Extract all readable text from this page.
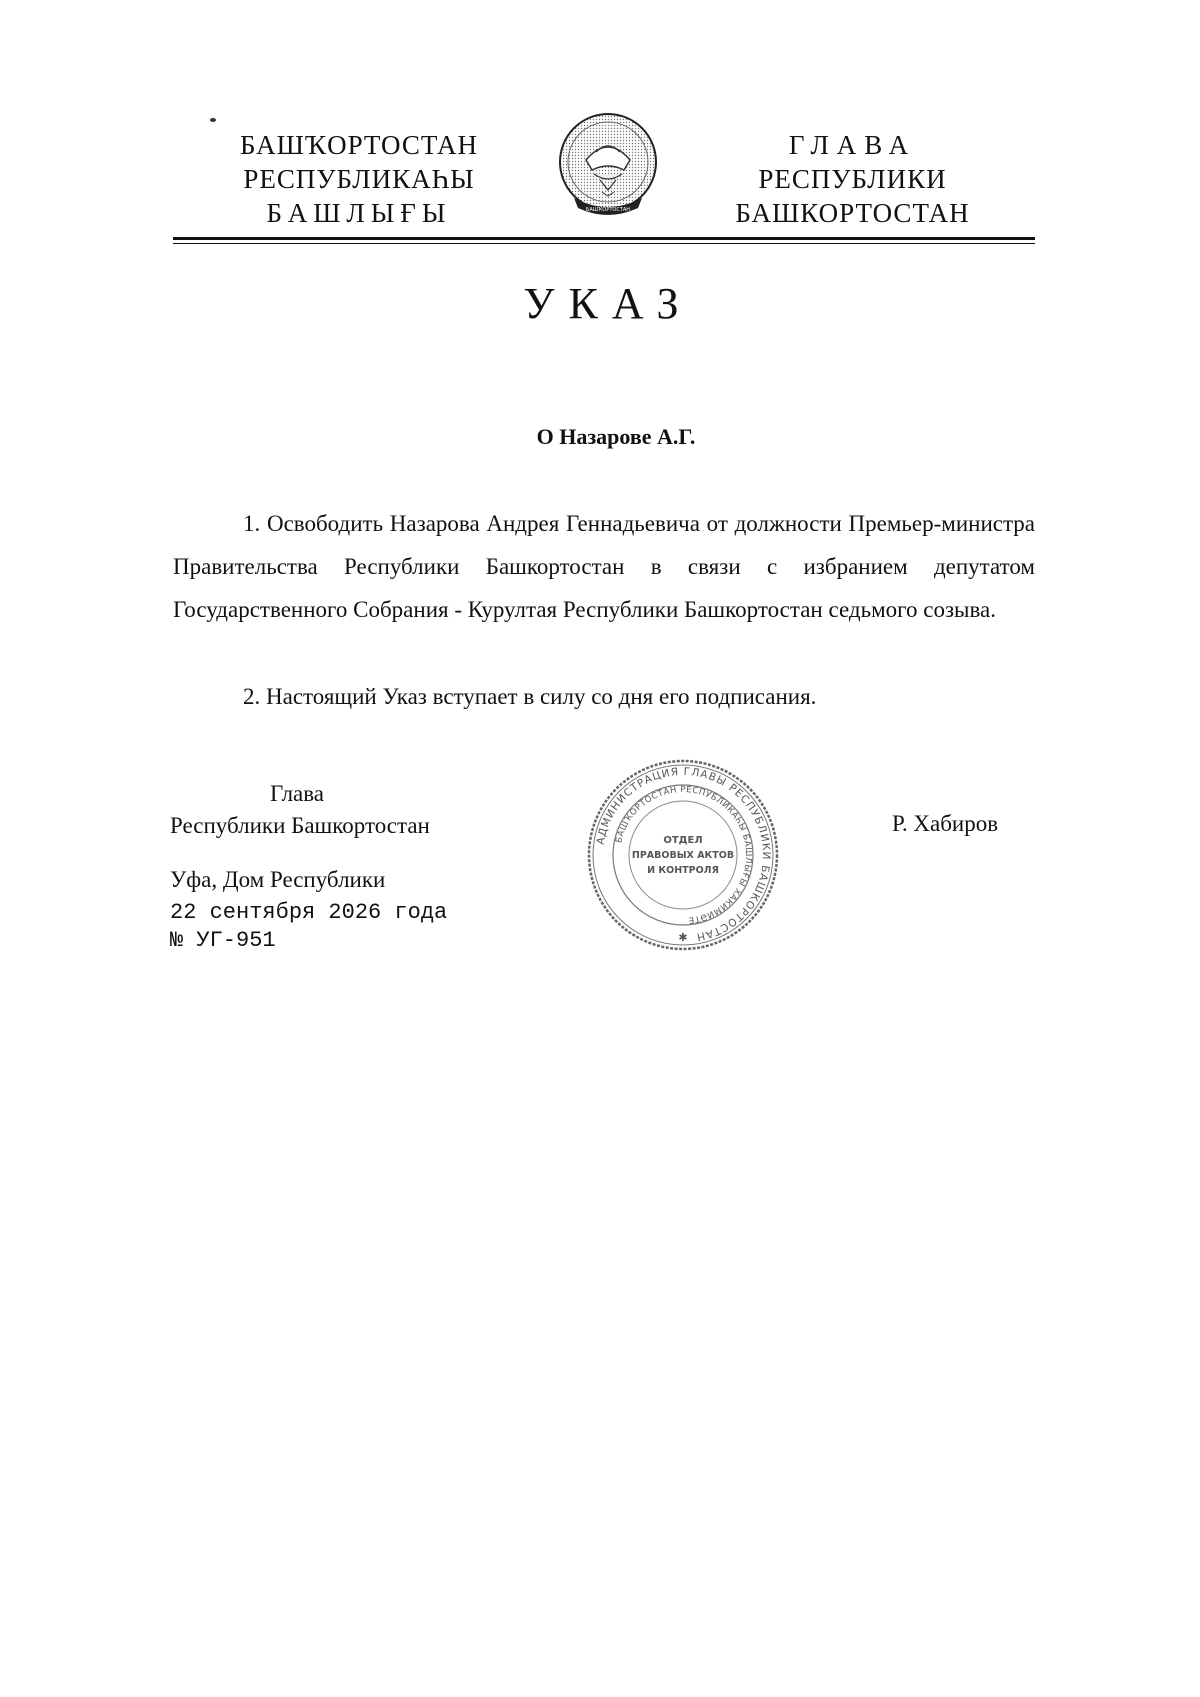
БАШҠОРТОСТАН
РЕСПУБЛИКАҺЫ
БАШЛЫҒЫ	БАШҠОРТОСТАН
ГЛАВА
РЕСПУБЛИКИ
БАШКОРТОСТАН
УКАЗ
О Назарове А.Г.
1. Освободить Назарова Андрея Геннадьевича от должности Премьер-министра Правительства Республики Башкортостан в связи с избранием депутатом Государственного Собрания - Курултая Республики Башкортостан седьмого созыва.
2. Настоящий Указ вступает в силу со дня его подписания.
Глава
Республики Башкортостан	Р. Хабиров
АДМИНИСТРАЦИЯ ГЛАВЫ РЕСПУБЛИКИ БАШКОРТОСТАН
БАШҠОРТОСТАН РЕСПУБЛИКАҺЫ БАШЛЫҒЫ ХАКИМИӘТЕ
ОТДЕЛ
ПРАВОВЫХ АКТОВ
И КОНТРОЛЯ
✱
Уфа, Дом Республики
22 сентября 2026 года
№ УГ-951
